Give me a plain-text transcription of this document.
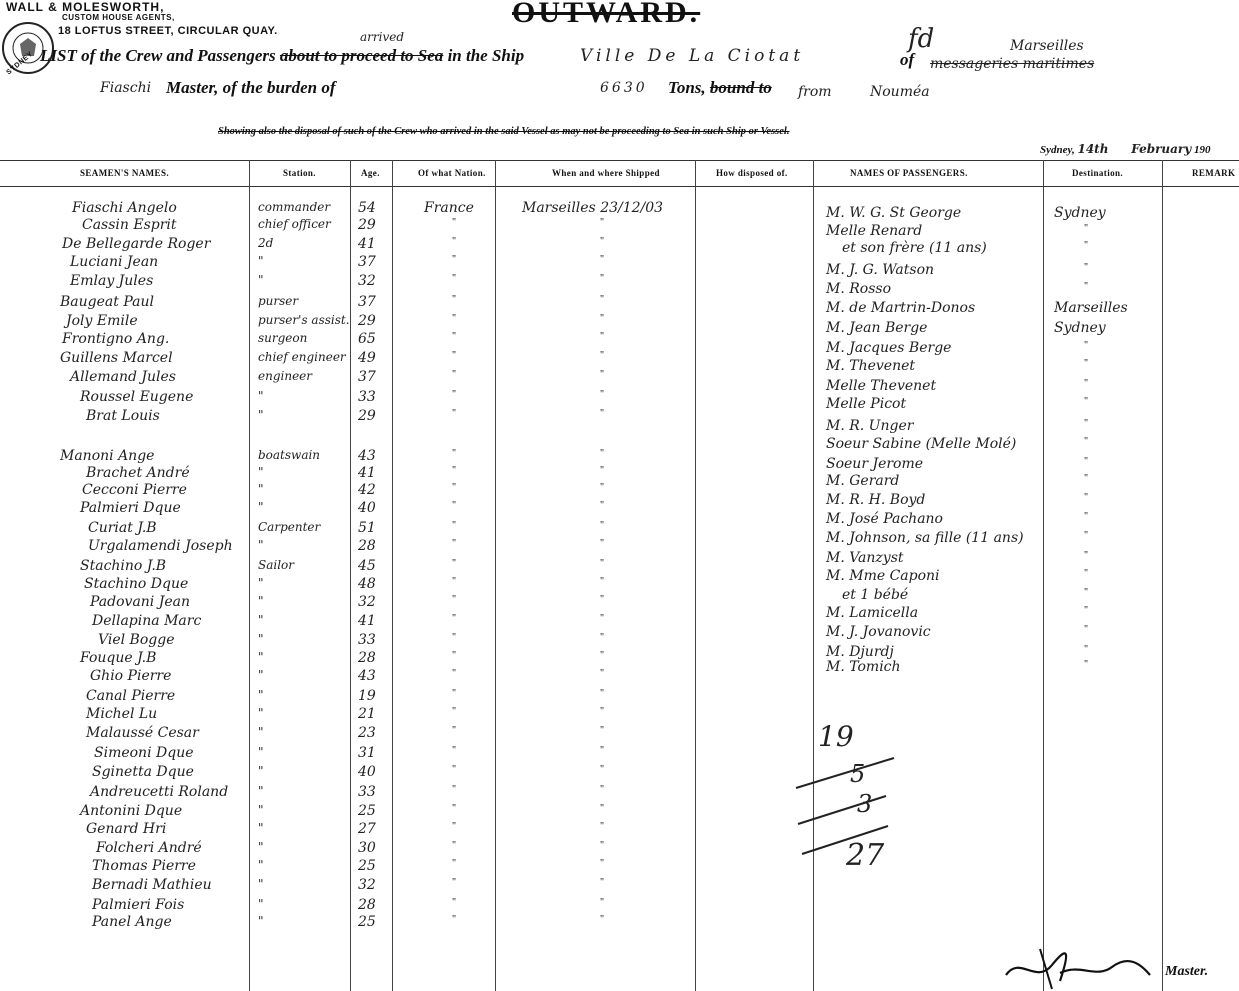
WALL & MOLESWORTH,
CUSTOM HOUSE AGENTS,
18 LOFTUS STREET, CIRCULAR QUAY.
SYDNEY
OUTWARD.
fd
LIST of the Crew and Passengers about to proceed to Sea in the Ship
arrived
Ville De La Ciotat	of messageries maritimes
Marseilles
Fiaschi Master, of the burden of	6630 Tons, bound to from	Nouméa
Showing also the disposal of such of the Crew who arrived in the said Vessel as may not be proceeding to Sea in such Ship or Vessel.
Sydney, 14th February 190
SEAMEN'S NAMES.	Station.	Age.	Of what Nation.	When and where Shipped	How disposed of.	NAMES OF PASSENGERS.	Destination.	REMARK
Fiaschi Angelo	commander 54	France	Marseilles 23/12/03
Cassin Esprit	chief officer 29	"	"
De Bellegarde Roger	2d	41	"	"
Luciani Jean	"	37	"	"
Emlay Jules	"	32	"	"
Baugeat Paul	purser	37	"	"
Joly Emile	purser's assist. 29	"	"
Frontigno Ang.	surgeon	65	"	"
Guillens Marcel	chief engineer 49	"	"
Allemand Jules	engineer	37	"	"
Roussel Eugene	"	33	"	"
Brat Louis	"	29	"	"
Manoni Ange	boatswain	43	"	"
Brachet André	"	41	"	"
Cecconi Pierre	"	42	"	"
Palmieri Dque	"	40	"	"
Curiat J.B	Carpenter	51	"	"
Urgalamendi Joseph "	28	"	"
Stachino J.B	Sailor	45	"	"
Stachino Dque	"	48	"	"
Padovani Jean	"	32	"	"
Dellapina Marc	"	41	"	"
Viel Bogge	"	33	"	"
Fouque J.B	"	28	"	"
Ghio Pierre	"	43	"	"
Canal Pierre	"	19	"	"
Michel Lu	"	21	"	"
Malaussé Cesar	"	23	"	"
Simeoni Dque	"	31	"	"
Sginetta Dque	"	40	"	"
Andreucetti Roland "	33	"	"
Antonini Dque	"	25	"	"
Genard Hri	"	27	"	"
Folcheri André	"	30	"	"
Thomas Pierre	"	25	"	"
Bernadi Mathieu	"	32	"	"
Palmieri Fois	"	28	"	"
Panel Ange	"	25	"	"
M. W. G. St George	Sydney
Melle Renard	"
et son frère (11 ans)	"
M. J. G. Watson	"
M. Rosso	"
M. de Martrin-Donos	Marseilles
M. Jean Berge	Sydney
M. Jacques Berge	"
M. Thevenet	"
Melle Thevenet	"
Melle Picot	"
M. R. Unger	"
Soeur Sabine (Melle Molé)	"
Soeur Jerome	"
M. Gerard	"
M. R. H. Boyd	"
M. José Pachano	"
M. Johnson, sa fille (11 ans)	"
M. Vanzyst	"
M. Mme Caponi	"
et 1 bébé	"
M. Lamicella	"
M. J. Jovanovic	"
M. Djurdj	"
M. Tomich	"
19
5
3
27
Master.
